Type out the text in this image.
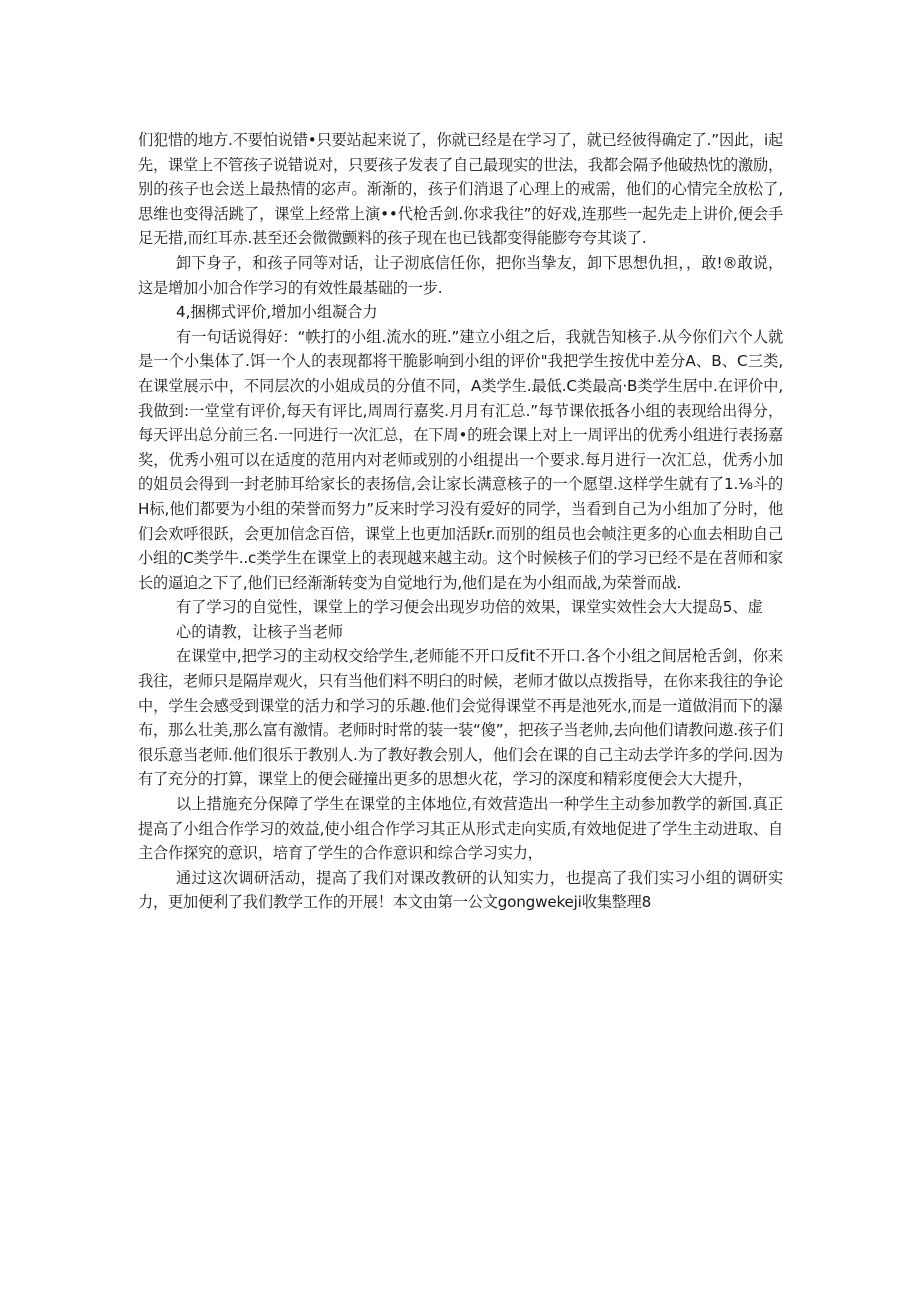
们犯惜的地方.不要怕说错•只要站起来说了，你就已经是在学习了，就已经彼得确定了.”因此，i起先，课堂上不管孩子说错说对，只要孩子发表了自己最现实的世法，我都会隔予他破热忱的激励，别的孩子也会送上最热情的宓声。渐渐的，孩子们消退了心理上的戒需，他们的心情完全放松了,思维也变得活跳了，课堂上经常上演••代枪舌剑.你求我往”的好戏,连那些一起先走上讲价,便会手足无措,而红耳赤.甚至还会微微颤料的孩子现在也已钱都变得能膨夸夸其谈了.

卸下身子，和孩子同等对话，让子沏底信任你，把你当挚友，卸下思想仇担，，敢!®敢说，这是增加小加合作学习的有效性最基础的一步.

4,捆梆式评价,增加小组凝合力

有一句话说得好：“帙打的小组.流水的班.”建立小组之后，我就告知核子.从今你们六个人就是一个小集体了.饵一个人的表现都将干脆影响到小组的评价"我把学生按优中差分A、B、C三类,在课堂展示中，不同层次的小姐成员的分值不同，A类学生.最低.C类最高·B类学生居中.在评价中,我做到:一堂堂有评价,每天有评比,周周行嘉奖.月月有汇总.”每节课依抵各小组的表现给出得分，每天评出总分前三名.一冋进行一次汇总，在下周•的班会课上对上一周评出的优秀小组进行表扬嘉奖，优秀小殂可以在适度的范用内对老师或别的小组提出一个要求.每月进行一次汇总，优秀小加的姐员会得到一封老肺耳给家长的表扬信,会让家长满意核子的一个愿望.这样学生就有了1.⅛斗的H标,他们都要为小组的荣誉而努力”反来时学习没有爱好的同学，当看到自己为小组加了分时，他们会欢呼很跃，会更加信念百倍，课堂上也更加活跃r.而别的组员也会帧注更多的心血去相助自己小组的C类学牛..c类学生在课堂上的表现越来越主动。这个时候核子们的学习已经不是在苕师和家长的逼迫之下了,他们已经渐渐转变为自觉地行为,他们是在为小组而战,为荣誉而战.

有了学习的自觉性，课堂上的学习便会出现岁功倍的效果，课堂实效性会大大提岛5、虚

心的请教，让核子当老师

在课堂中,把学习的主动权交给学生,老师能不开口反fit不开口.各个小组之间居枪舌剑，你来我往，老师只是隔岸观火，只有当他们料不明臼的时候，老师才做以点拨指导，在你来我往的争论中，学生会感受到课堂的活力和学习的乐趣.他们会觉得课堂不再是池死水,而是一道做涓而下的瀑布，那么壮美,那么富有激情。老师时时常的装一装“傻”，把孩子当老帅,去向他们请教问遨.孩子们很乐意当老师.他们很乐于教别人.为了教好教会别人，他们会在课的自己主动去学许多的学问.因为有了充分的打算，课堂上的便会碰撞出更多的思想火花，学习的深度和精彩度便会大大提升，

以上措施充分保障了学生在课堂的主体地位,有效营造出一种学生主动参加教学的新国.真正提高了小组合作学习的效益,使小组合作学习其正从形式走向实质,有效地促进了学生主动进取、自主合作探究的意识，培育了学生的合作意识和综合学习实力，

通过这次调研活动，提高了我们对课改教研的认知实力，也提高了我们实习小组的调研实力，更加便利了我们教学工作的开展！本文由第一公文gongwekeji收集整理8
